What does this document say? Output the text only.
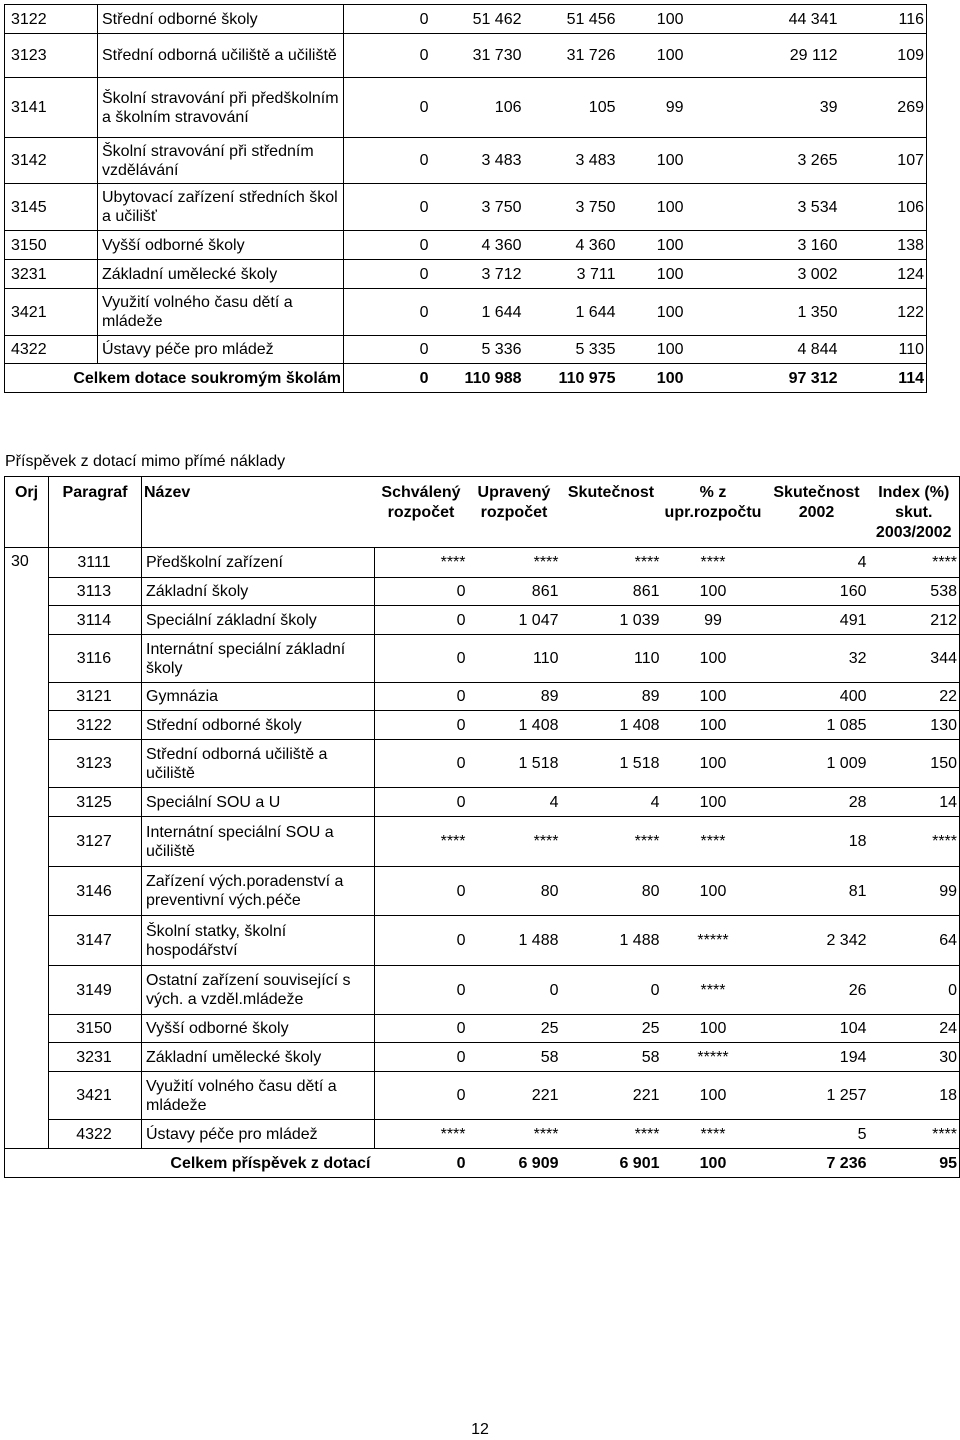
3122	Střední odborné školy	0	51 462	51 456	100	44 341	116
3123	Střední odborná učiliště a učiliště	0	31 730	31 726	100	29 112	109
3141	Školní stravování při předškolním a školním stravování	0	106	105	99	39	269
3142	Školní stravování při středním vzdělávání	0	3 483	3 483	100	3 265	107
3145	Ubytovací zařízení středních škol a učilišť	0	3 750	3 750	100	3 534	106
3150	Vyšší odborné školy	0	4 360	4 360	100	3 160	138
3231	Základní umělecké školy	0	3 712	3 711	100	3 002	124
3421	Využití volného času dětí a mládeže	0	1 644	1 644	100	1 350	122
4322	Ústavy péče pro mládež	0	5 336	5 335	100	4 844	110
Celkem dotace soukromým školám		0	110 988	110 975	100	97 312	114
Příspěvek z dotací mimo přímé náklady
Orj	Paragraf	Název	Schválený rozpočet	Upravený rozpočet	Skutečnost	% z upr.rozpočtu	Skutečnost 2002	Index (%) skut. 2003/2002
30	3111	Předškolní zařízení	****	****	****	****	4	****
	3113	Základní školy	0	861	861	100	160	538
	3114	Speciální základní školy	0	1 047	1 039	99	491	212
	3116	Internátní speciální základní školy	0	110	110	100	32	344
	3121	Gymnázia	0	89	89	100	400	22
	3122	Střední odborné školy	0	1 408	1 408	100	1 085	130
	3123	Střední odborná učiliště a učiliště	0	1 518	1 518	100	1 009	150
	3125	Speciální SOU a U	0	4	4	100	28	14
	3127	Internátní speciální SOU a učiliště	****	****	****	****	18	****
	3146	Zařízení vých.poradenství a preventivní vých.péče	0	80	80	100	81	99
	3147	Školní statky, školní hospodářství	0	1 488	1 488	*****	2 342	64
	3149	Ostatní zařízení související s vých. a vzděl.mládeže	0	0	0	****	26	0
	3150	Vyšší odborné školy	0	25	25	100	104	24
	3231	Základní umělecké školy	0	58	58	*****	194	30
	3421	Využití volného času dětí a mládeže	0	221	221	100	1 257	18
	4322	Ústavy péče pro mládež	****	****	****	****	5	****
Celkem příspěvek z dotací			0	6 909	6 901	100	7 236	95
12
